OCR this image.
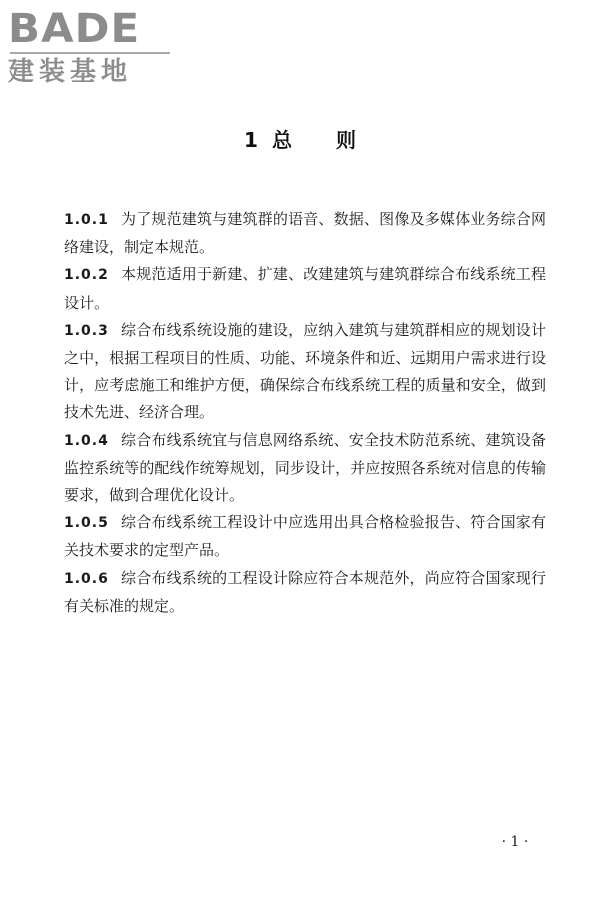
BADE
建装基地
1 总 则

1.0.1 为了规范建筑与建筑群的语音、数据、图像及多媒体业务综合网络建设，制定本规范。

1.0.2 本规范适用于新建、扩建、改建建筑与建筑群综合布线系统工程设计。

1.0.3 综合布线系统设施的建设，应纳入建筑与建筑群相应的规划设计之中，根据工程项目的性质、功能、环境条件和近、远期用户需求进行设计，应考虑施工和维护方便，确保综合布线系统工程的质量和安全，做到技术先进、经济合理。

1.0.4 综合布线系统宜与信息网络系统、安全技术防范系统、建筑设备监控系统等的配线作统筹规划，同步设计，并应按照各系统对信息的传输要求，做到合理优化设计。

1.0.5 综合布线系统工程设计中应选用出具合格检验报告、符合国家有关技术要求的定型产品。

1.0.6 综合布线系统的工程设计除应符合本规范外，尚应符合国家现行有关标准的规定。

· 1 ·
